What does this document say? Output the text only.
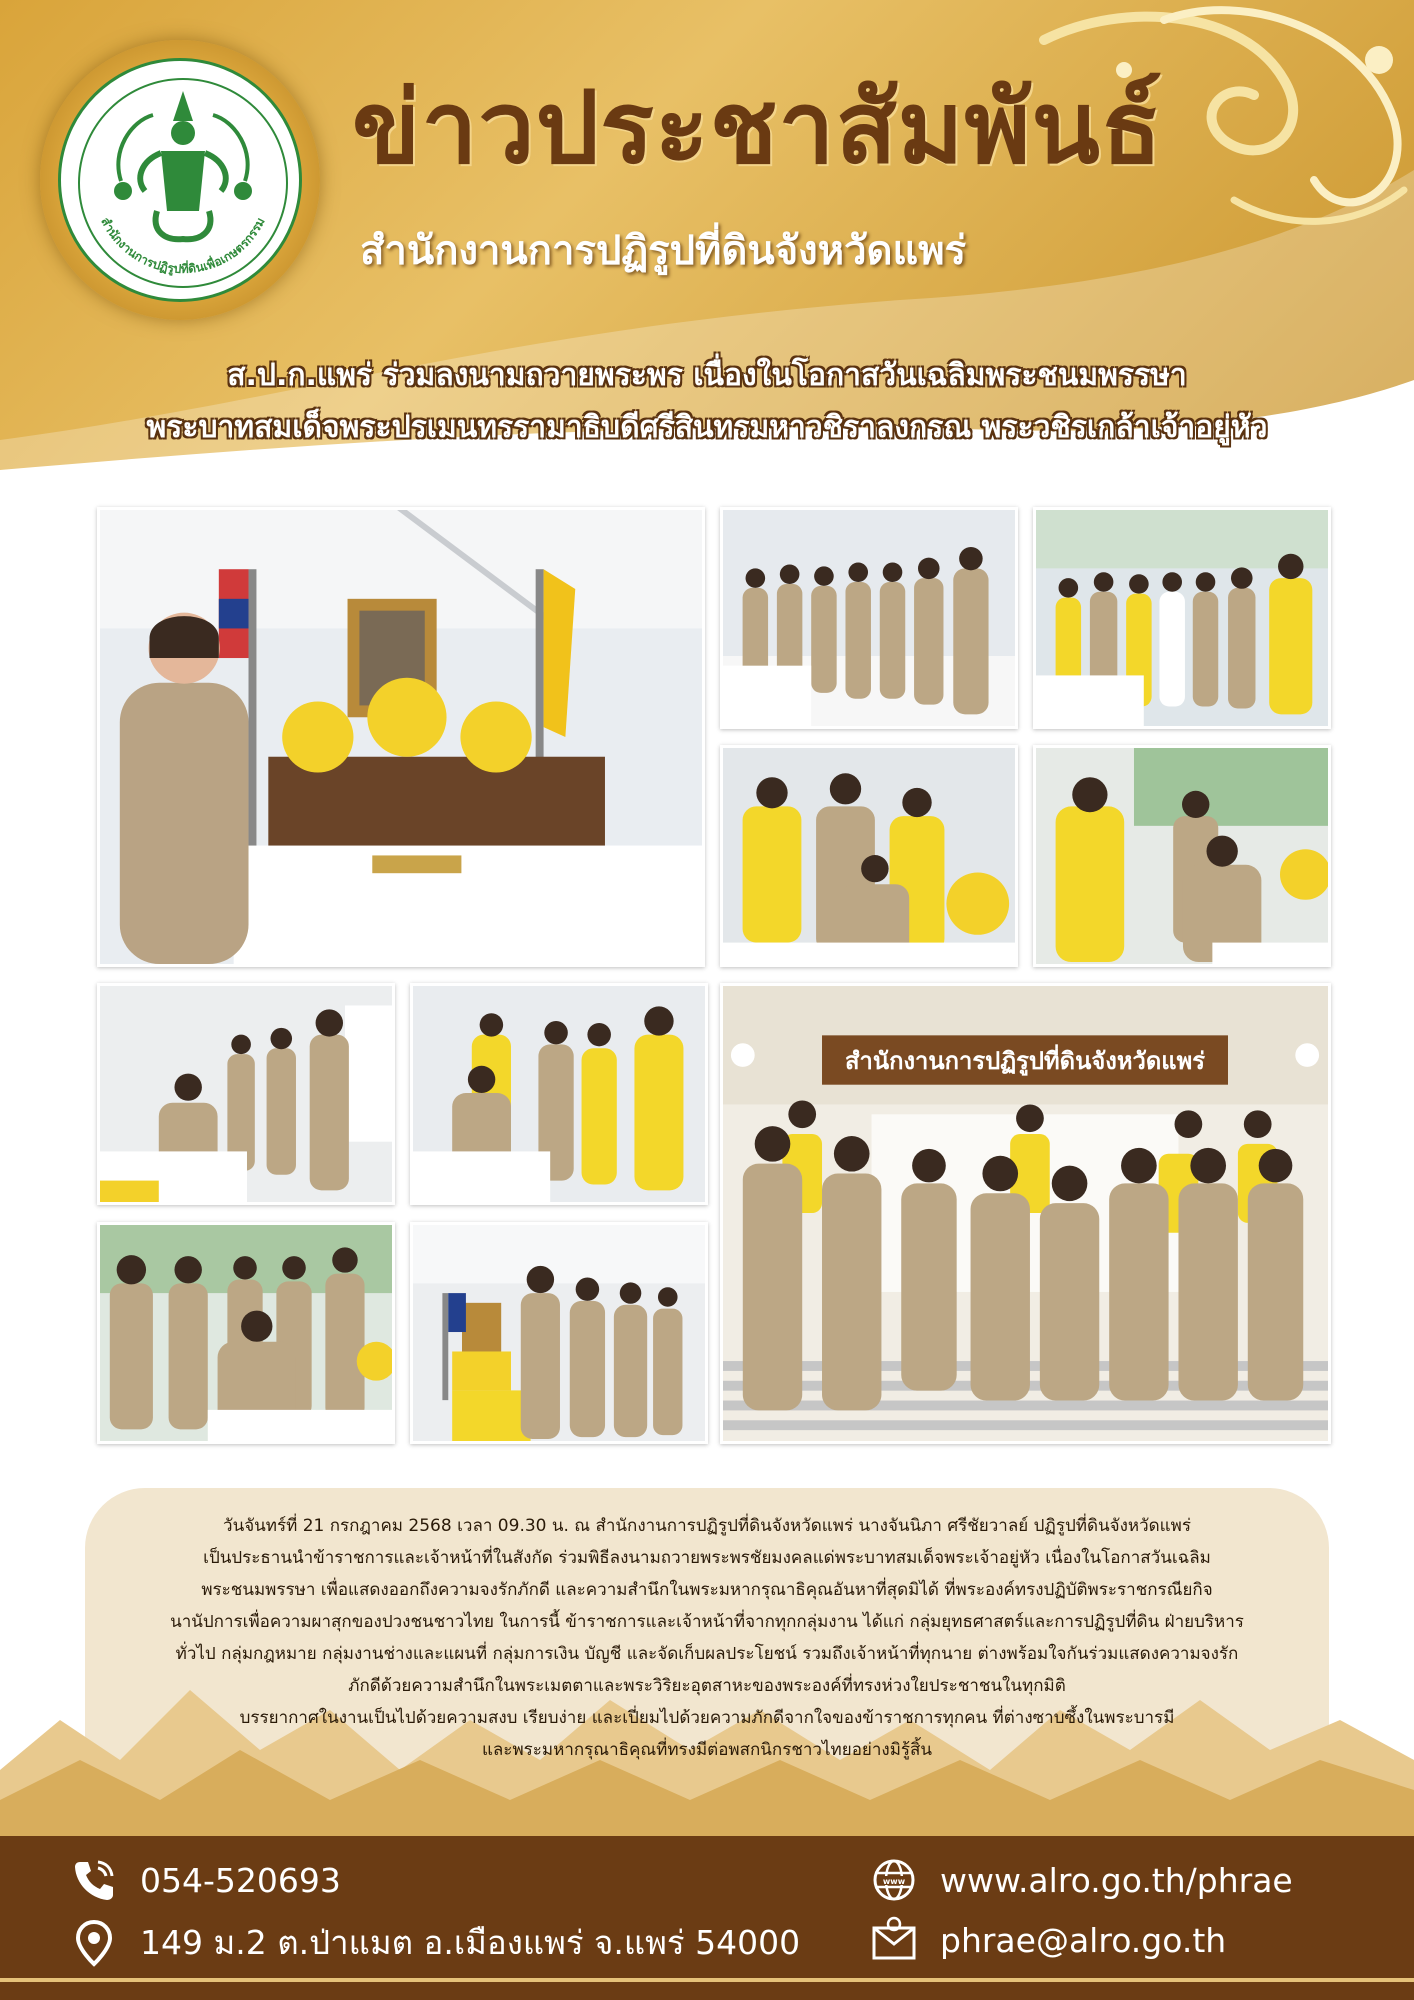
สำนักงานการปฏิรูปที่ดินเพื่อเกษตรกรรม
ข่าวประชาสัมพันธ์
สำนักงานการปฏิรูปที่ดินจังหวัดแพร่
ส.ป.ก.แพร่ ร่วมลงนามถวายพระพร เนื่องในโอกาสวันเฉลิมพระชนมพรรษา
พระบาทสมเด็จพระปรเมนทรรามาธิบดีศรีสินทรมหาวชิราลงกรณ พระวชิรเกล้าเจ้าอยู่หัว
สำนักงานการปฏิรูปที่ดินจังหวัดแพร่

วันจันทร์ที่ 21 กรกฎาคม 2568 เวลา 09.30 น. ณ สำนักงานการปฏิรูปที่ดินจังหวัดแพร่ นางจันนิภา ศรีชัยวาลย์ ปฏิรูปที่ดินจังหวัดแพร่

เป็นประธานนำข้าราชการและเจ้าหน้าที่ในสังกัด ร่วมพิธีลงนามถวายพระพรชัยมงคลแด่พระบาทสมเด็จพระเจ้าอยู่หัว เนื่องในโอกาสวันเฉลิม

พระชนมพรรษา เพื่อแสดงออกถึงความจงรักภักดี และความสำนึกในพระมหากรุณาธิคุณอันหาที่สุดมิได้ ที่พระองค์ทรงปฏิบัติพระราชกรณียกิจ

นานัปการเพื่อความผาสุกของปวงชนชาวไทย ในการนี้ ข้าราชการและเจ้าหน้าที่จากทุกกลุ่มงาน ได้แก่ กลุ่มยุทธศาสตร์และการปฏิรูปที่ดิน ฝ่ายบริหาร

ทั่วไป กลุ่มกฎหมาย กลุ่มงานช่างและแผนที่ กลุ่มการเงิน บัญชี และจัดเก็บผลประโยชน์ รวมถึงเจ้าหน้าที่ทุกนาย ต่างพร้อมใจกันร่วมแสดงความจงรัก

ภักดีด้วยความสำนึกในพระเมตตาและพระวิริยะอุตสาหะของพระองค์ที่ทรงห่วงใยประชาชนในทุกมิติ

บรรยากาศในงานเป็นไปด้วยความสงบ เรียบง่าย และเปี่ยมไปด้วยความภักดีจากใจของข้าราชการทุกคน ที่ต่างซาบซึ้งในพระบารมี

และพระมหากรุณาธิคุณที่ทรงมีต่อพสกนิกรชาวไทยอย่างมิรู้สิ้น

054-520693
149 ม.2 ต.ป่าแมต อ.เมืองแพร่ จ.แพร่ 54000
www www.alro.go.th/phrae
phrae@alro.go.th
